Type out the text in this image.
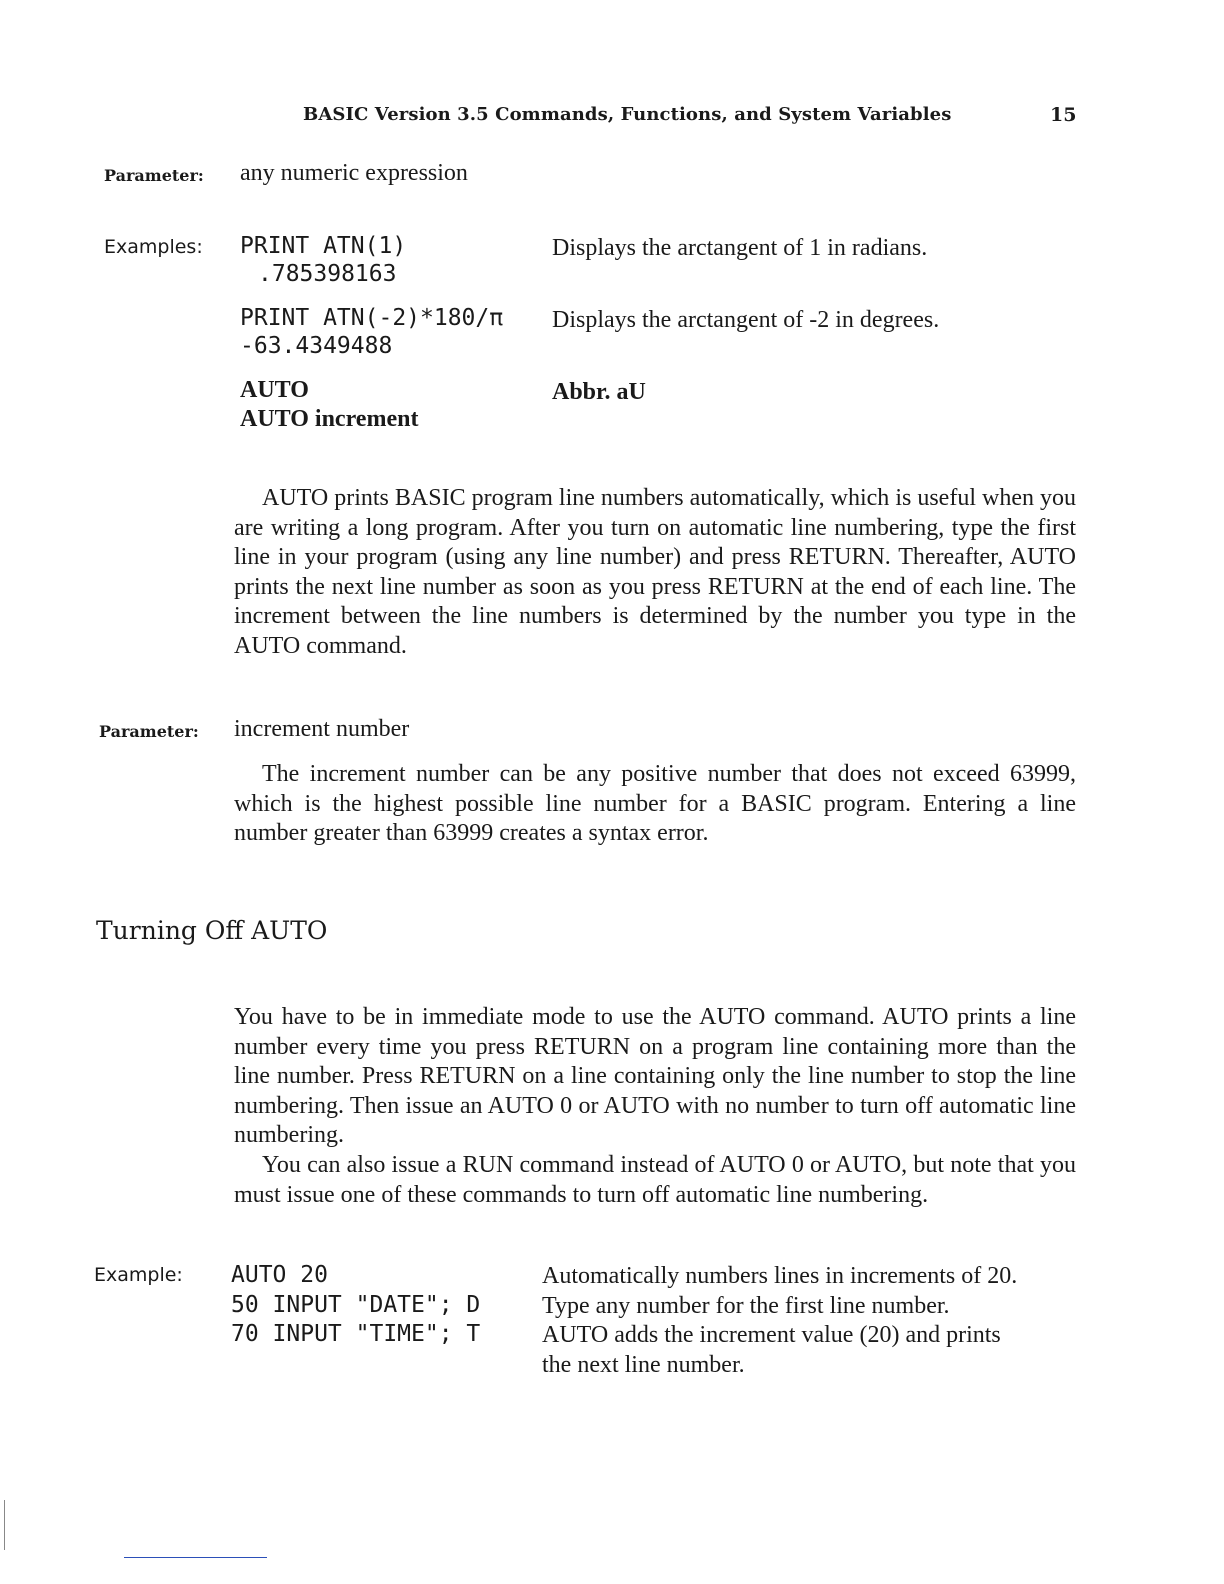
BASIC Version 3.5 Commands, Functions, and System Variables	15
Parameter: any numeric expression
Examples: PRINT ATN(1)
.785398163
Displays the arctangent of 1 in radians.
PRINT ATN(-2)*180/π
-63.4349488
Displays the arctangent of -2 in degrees.
AUTO
AUTO increment
Abbr. aU

AUTO prints BASIC program line numbers automatically, which is useful when you are writing a long program. After you turn on automatic line numbering, type the first line in your program (using any line number) and press RETURN. Thereafter, AUTO prints the next line number as soon as you press RETURN at the end of each line. The increment between the line numbers is determined by the number you type in the AUTO command.

Parameter: increment number

The increment number can be any positive number that does not exceed 63999, which is the highest possible line number for a BASIC program. Entering a line number greater than 63999 creates a syntax error.

Turning Off AUTO

You have to be in immediate mode to use the AUTO command. AUTO prints a line number every time you press RETURN on a program line containing more than the line number. Press RETURN on a line containing only the line number to stop the line numbering. Then issue an AUTO 0 or AUTO with no number to turn off automatic line numbering.

You can also issue a RUN command instead of AUTO 0 or AUTO, but note that you must issue one of these commands to turn off automatic line numbering.

Example: AUTO 20
50 INPUT "DATE"; D
70 INPUT "TIME"; T
Automatically numbers lines in increments of 20.
Type any number for the first line number.
AUTO adds the increment value (20) and prints
the next line number.
